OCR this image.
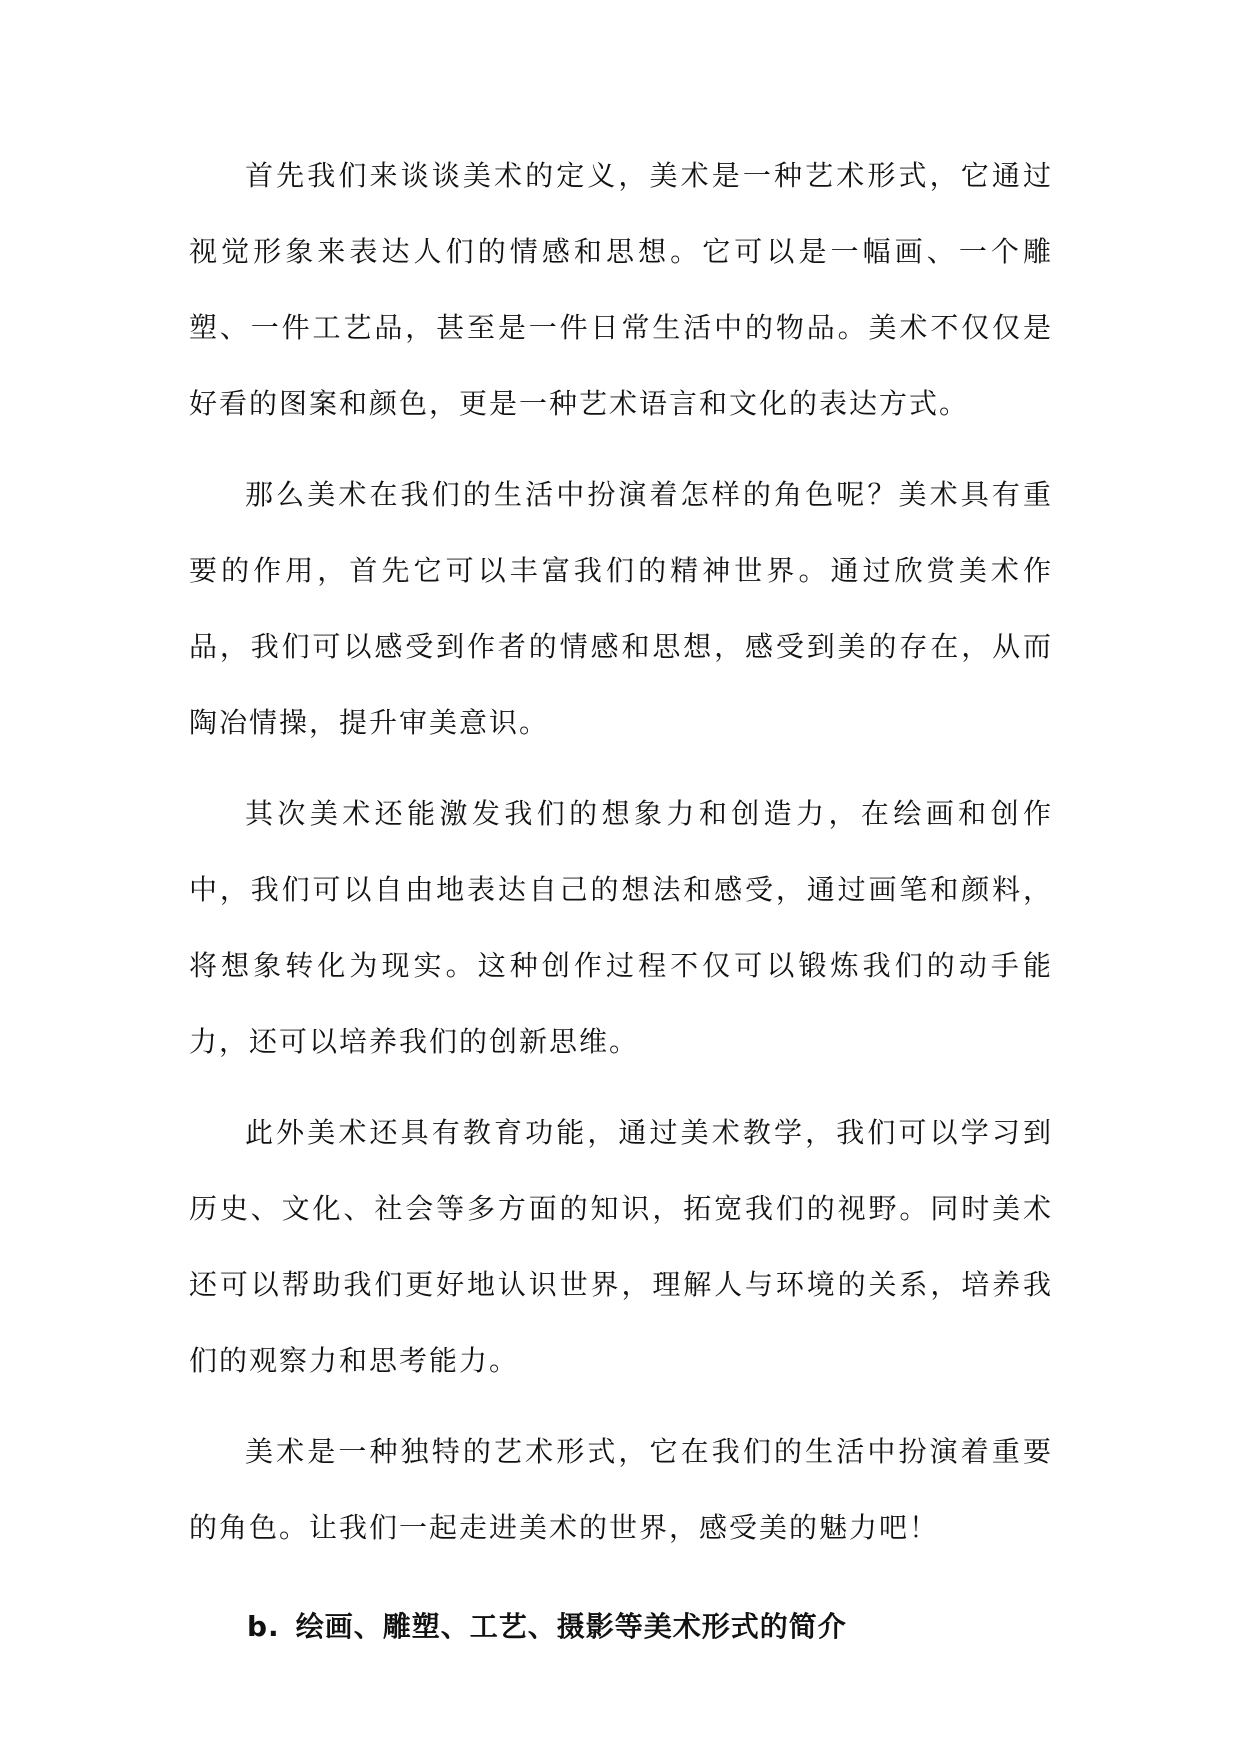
首先我们来谈谈美术的定义，美术是一种艺术形式，它通过视觉形象来表达人们的情感和思想。它可以是一幅画、一个雕塑、一件工艺品，甚至是一件日常生活中的物品。美术不仅仅是好看的图案和颜色，更是一种艺术语言和文化的表达方式。

那么美术在我们的生活中扮演着怎样的角色呢？美术具有重要的作用，首先它可以丰富我们的精神世界。通过欣赏美术作品，我们可以感受到作者的情感和思想，感受到美的存在，从而陶冶情操，提升审美意识。

其次美术还能激发我们的想象力和创造力，在绘画和创作中，我们可以自由地表达自己的想法和感受，通过画笔和颜料，将想象转化为现实。这种创作过程不仅可以锻炼我们的动手能力，还可以培养我们的创新思维。

此外美术还具有教育功能，通过美术教学，我们可以学习到历史、文化、社会等多方面的知识，拓宽我们的视野。同时美术还可以帮助我们更好地认识世界，理解人与环境的关系，培养我们的观察力和思考能力。

美术是一种独特的艺术形式，它在我们的生活中扮演着重要的角色。让我们一起走进美术的世界，感受美的魅力吧！

b. 绘画、雕塑、工艺、摄影等美术形式的简介
